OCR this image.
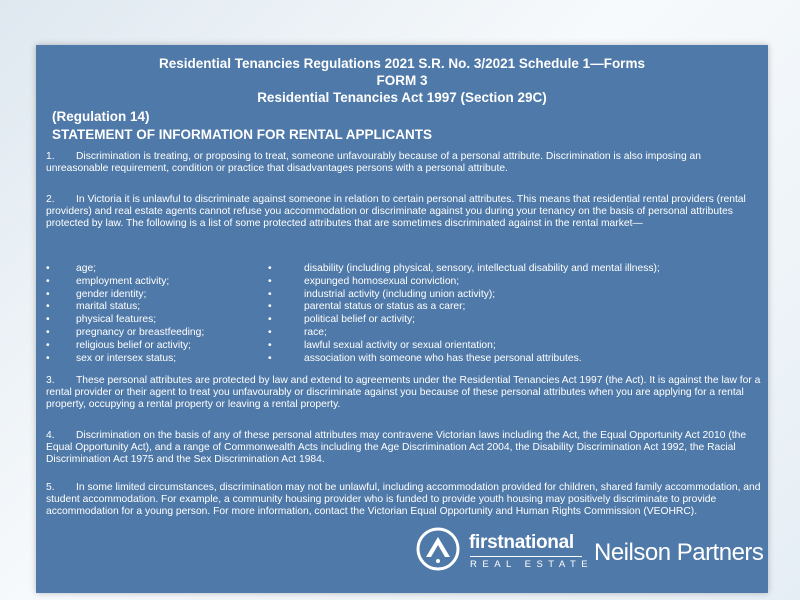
Residential Tenancies Regulations 2021 S.R. No. 3/2021 Schedule 1—Forms
FORM 3
Residential Tenancies Act 1997 (Section 29C)
(Regulation 14)
STATEMENT OF INFORMATION FOR RENTAL APPLICANTS
1. Discrimination is treating, or proposing to treat, someone unfavourably because of a personal attribute. Discrimination is also imposing an unreasonable requirement, condition or practice that disadvantages persons with a personal attribute.
2. In Victoria it is unlawful to discriminate against someone in relation to certain personal attributes. This means that residential rental providers (rental providers) and real estate agents cannot refuse you accommodation or discriminate against you during your tenancy on the basis of personal attributes protected by law. The following is a list of some protected attributes that are sometimes discriminated against in the rental market—
•	age;
•	employment activity;
•	gender identity;
•	marital status;
•	physical features;
•	pregnancy or breastfeeding;
•	religious belief or activity;
•	sex or intersex status;
•	disability (including physical, sensory, intellectual disability and mental illness);
•	expunged homosexual conviction;
•	industrial activity (including union activity);
•	parental status or status as a carer;
•	political belief or activity;
•	race;
•	lawful sexual activity or sexual orientation;
•	association with someone who has these personal attributes.
3. These personal attributes are protected by law and extend to agreements under the Residential Tenancies Act 1997 (the Act). It is against the law for a rental provider or their agent to treat you unfavourably or discriminate against you because of these personal attributes when you are applying for a rental property, occupying a rental property or leaving a rental property.
4. Discrimination on the basis of any of these personal attributes may contravene Victorian laws including the Act, the Equal Opportunity Act 2010 (the Equal Opportunity Act), and a range of Commonwealth Acts including the Age Discrimination Act 2004, the Disability Discrimination Act 1992, the Racial Discrimination Act 1975 and the Sex Discrimination Act 1984.
5. In some limited circumstances, discrimination may not be unlawful, including accommodation provided for children, shared family accommodation, and student accommodation. For example, a community housing provider who is funded to provide youth housing may positively discriminate to provide accommodation for a young person. For more information, contact the Victorian Equal Opportunity and Human Rights Commission (VEOHRC).
firstnational
REAL ESTATE Neilson Partners
